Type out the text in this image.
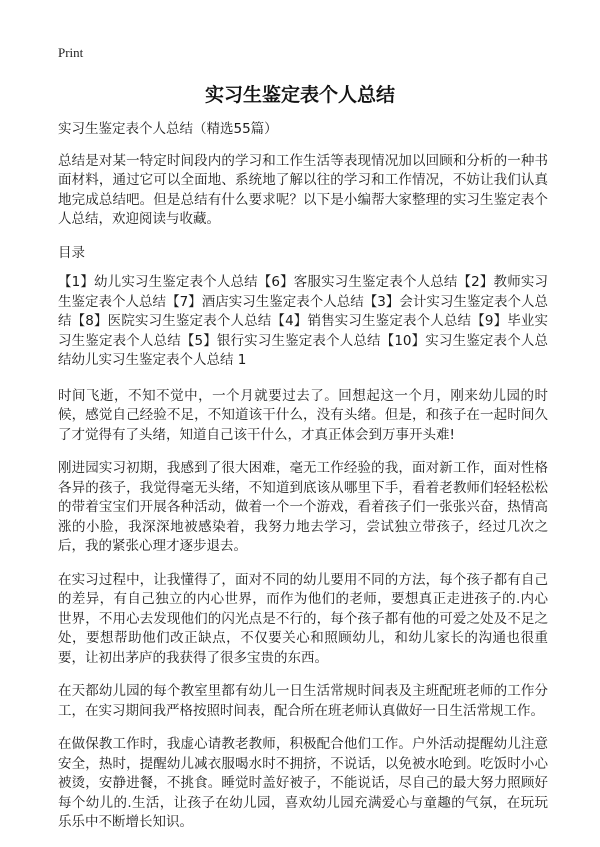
Print
实习生鉴定表个人总结

实习生鉴定表个人总结（精选55篇）

总结是对某一特定时间段内的学习和工作生活等表现情况加以回顾和分析的一种书面材料，通过它可以全面地、系统地了解以往的学习和工作情况，不妨让我们认真地完成总结吧。但是总结有什么要求呢？以下是小编帮大家整理的实习生鉴定表个人总结，欢迎阅读与收藏。

目录

【1】幼儿实习生鉴定表个人总结【6】客服实习生鉴定表个人总结【2】教师实习生鉴定表个人总结【7】酒店实习生鉴定表个人总结【3】会计实习生鉴定表个人总结【8】医院实习生鉴定表个人总结【4】销售实习生鉴定表个人总结【9】毕业实习生鉴定表个人总结【5】银行实习生鉴定表个人总结【10】实习生鉴定表个人总结幼儿实习生鉴定表个人总结 1

时间飞逝，不知不觉中，一个月就要过去了。回想起这一个月，刚来幼儿园的时候，感觉自己经验不足，不知道该干什么，没有头绪。但是，和孩子在一起时间久了才觉得有了头绪，知道自己该干什么，才真正体会到万事开头难!

刚进园实习初期，我感到了很大困难，毫无工作经验的我，面对新工作，面对性格各异的孩子，我觉得毫无头绪，不知道到底该从哪里下手，看着老教师们轻轻松松的带着宝宝们开展各种活动，做着一个一个游戏，看着孩子们一张张兴奋，热情高涨的小脸，我深深地被感染着，我努力地去学习，尝试独立带孩子，经过几次之后，我的紧张心理才逐步退去。

在实习过程中，让我懂得了，面对不同的幼儿要用不同的方法，每个孩子都有自己的差异，有自己独立的内心世界，而作为他们的老师，要想真正走进孩子的.内心世界，不用心去发现他们的闪光点是不行的，每个孩子都有他的可爱之处及不足之处，要想帮助他们改正缺点，不仅要关心和照顾幼儿，和幼儿家长的沟通也很重要，让初出茅庐的我获得了很多宝贵的东西。

在天都幼儿园的每个教室里都有幼儿一日生活常规时间表及主班配班老师的工作分工，在实习期间我严格按照时间表，配合所在班老师认真做好一日生活常规工作。

在做保教工作时，我虚心请教老教师，积极配合他们工作。户外活动提醒幼儿注意安全，热时，提醒幼儿减衣服喝水时不拥挤，不说话，以免被水呛到。吃饭时小心被烫，安静进餐，不挑食。睡觉时盖好被子，不能说话，尽自己的最大努力照顾好每个幼儿的.生活，让孩子在幼儿园，喜欢幼儿园充满爱心与童趣的气氛，在玩玩乐乐中不断增长知识。
